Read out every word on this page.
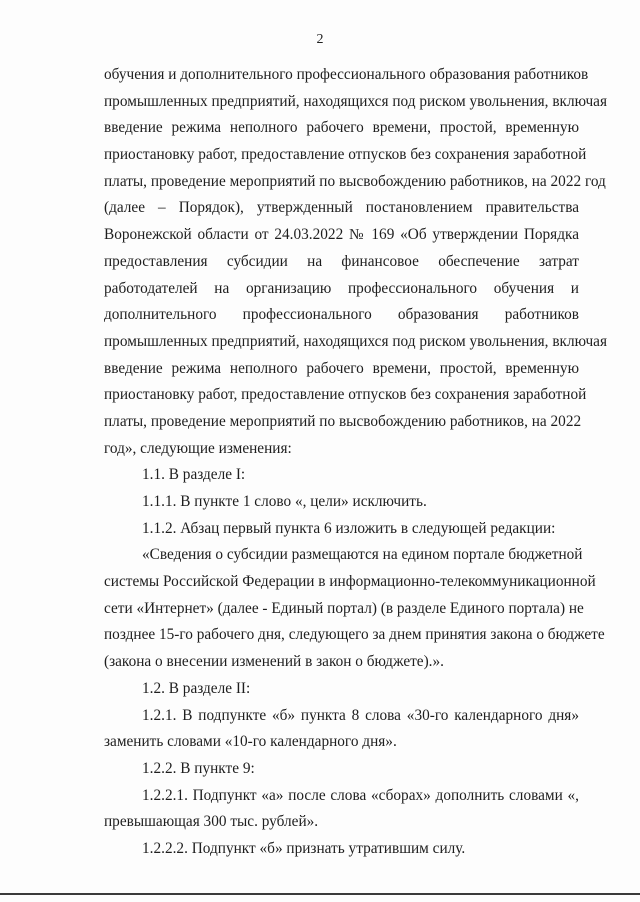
2
обучения и дополнительного профессионального образования работников
промышленных предприятий, находящихся под риском увольнения, включая
введение режима неполного рабочего времени, простой, временную
приостановку работ, предоставление отпусков без сохранения заработной
платы, проведение мероприятий по высвобождению работников, на 2022 год
(далее – Порядок), утвержденный постановлением правительства
Воронежской области от 24.03.2022 № 169 «Об утверждении Порядка
предоставления субсидии на финансовое обеспечение затрат
работодателей на организацию профессионального обучения и
дополнительного профессионального образования работников
промышленных предприятий, находящихся под риском увольнения, включая
введение режима неполного рабочего времени, простой, временную
приостановку работ, предоставление отпусков без сохранения заработной
платы, проведение мероприятий по высвобождению работников, на 2022
год», следующие изменения:
1.1. В разделе I:
1.1.1. В пункте 1 слово «, цели» исключить.
1.1.2. Абзац первый пункта 6 изложить в следующей редакции:
«Сведения о субсидии размещаются на едином портале бюджетной
системы Российской Федерации в информационно-телекоммуникационной
сети «Интернет» (далее - Единый портал) (в разделе Единого портала) не
позднее 15-го рабочего дня, следующего за днем принятия закона о бюджете
(закона о внесении изменений в закон о бюджете).».
1.2. В разделе II:
1.2.1. В подпункте «б» пункта 8 слова «30-го календарного дня»
заменить словами «10-го календарного дня».
1.2.2. В пункте 9:
1.2.2.1. Подпункт «а» после слова «сборах» дополнить словами «,
превышающая 300 тыс. рублей».
1.2.2.2. Подпункт «б» признать утратившим силу.
